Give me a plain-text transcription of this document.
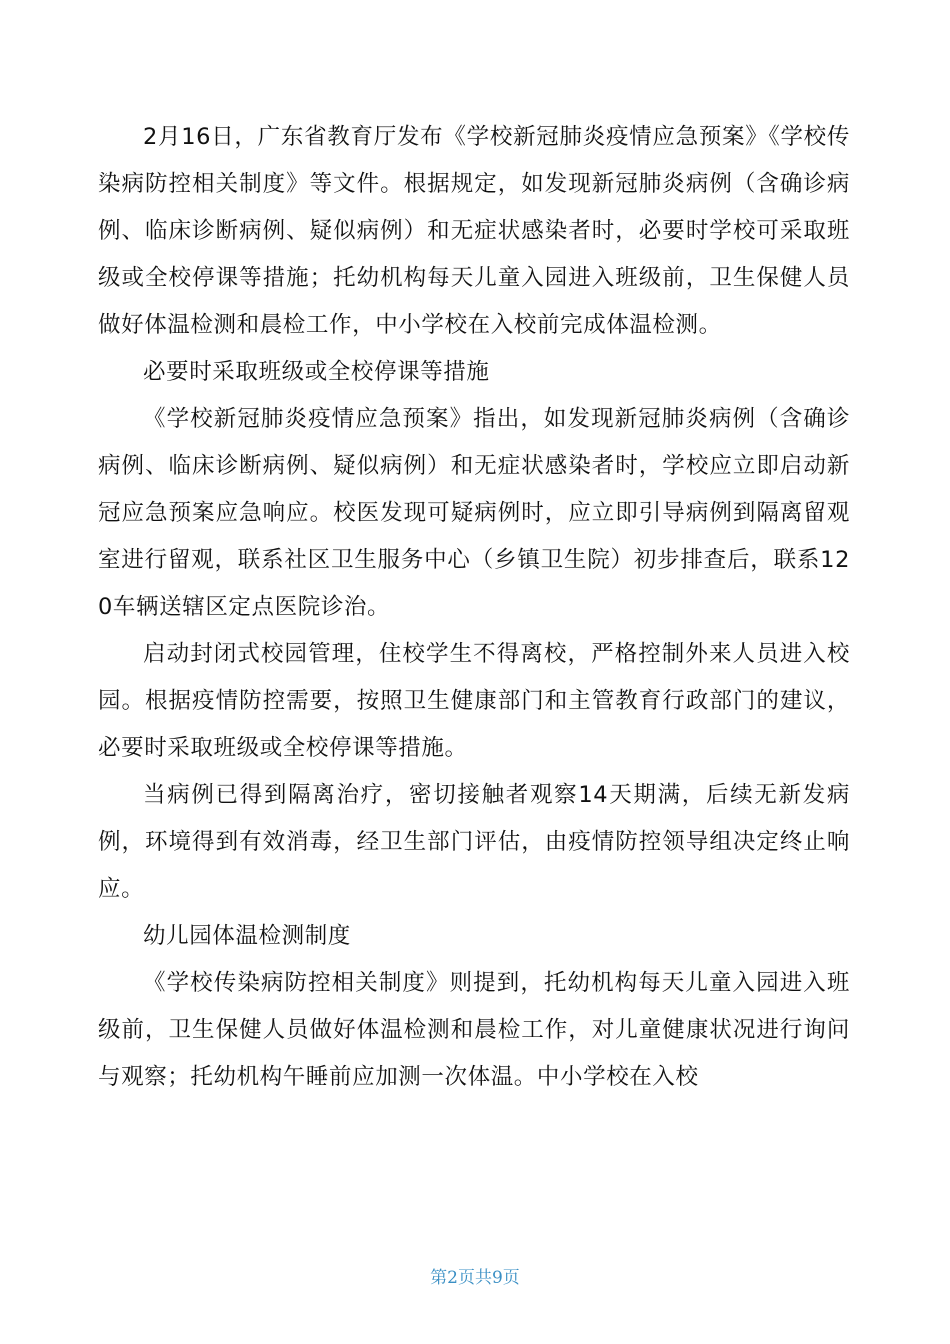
2月16日，广东省教育厅发布《学校新冠肺炎疫情应急预案》《学校传染病防控相关制度》等文件。根据规定，如发现新冠肺炎病例（含确诊病例、临床诊断病例、疑似病例）和无症状感染者时，必要时学校可采取班级或全校停课等措施；托幼机构每天儿童入园进入班级前，卫生保健人员做好体温检测和晨检工作，中小学校在入校前完成体温检测。

必要时采取班级或全校停课等措施

《学校新冠肺炎疫情应急预案》指出，如发现新冠肺炎病例（含确诊病例、临床诊断病例、疑似病例）和无症状感染者时，学校应立即启动新冠应急预案应急响应。校医发现可疑病例时，应立即引导病例到隔离留观室进行留观，联系社区卫生服务中心（乡镇卫生院）初步排查后，联系120车辆送辖区定点医院诊治。

启动封闭式校园管理，住校学生不得离校，严格控制外来人员进入校园。根据疫情防控需要，按照卫生健康部门和主管教育行政部门的建议，必要时采取班级或全校停课等措施。

当病例已得到隔离治疗，密切接触者观察14天期满，后续无新发病例，环境得到有效消毒，经卫生部门评估，由疫情防控领导组决定终止响应。

幼儿园体温检测制度

《学校传染病防控相关制度》则提到，托幼机构每天儿童入园进入班级前，卫生保健人员做好体温检测和晨检工作，对儿童健康状况进行询问与观察；托幼机构午睡前应加测一次体温。中小学校在入校

第2页共9页
